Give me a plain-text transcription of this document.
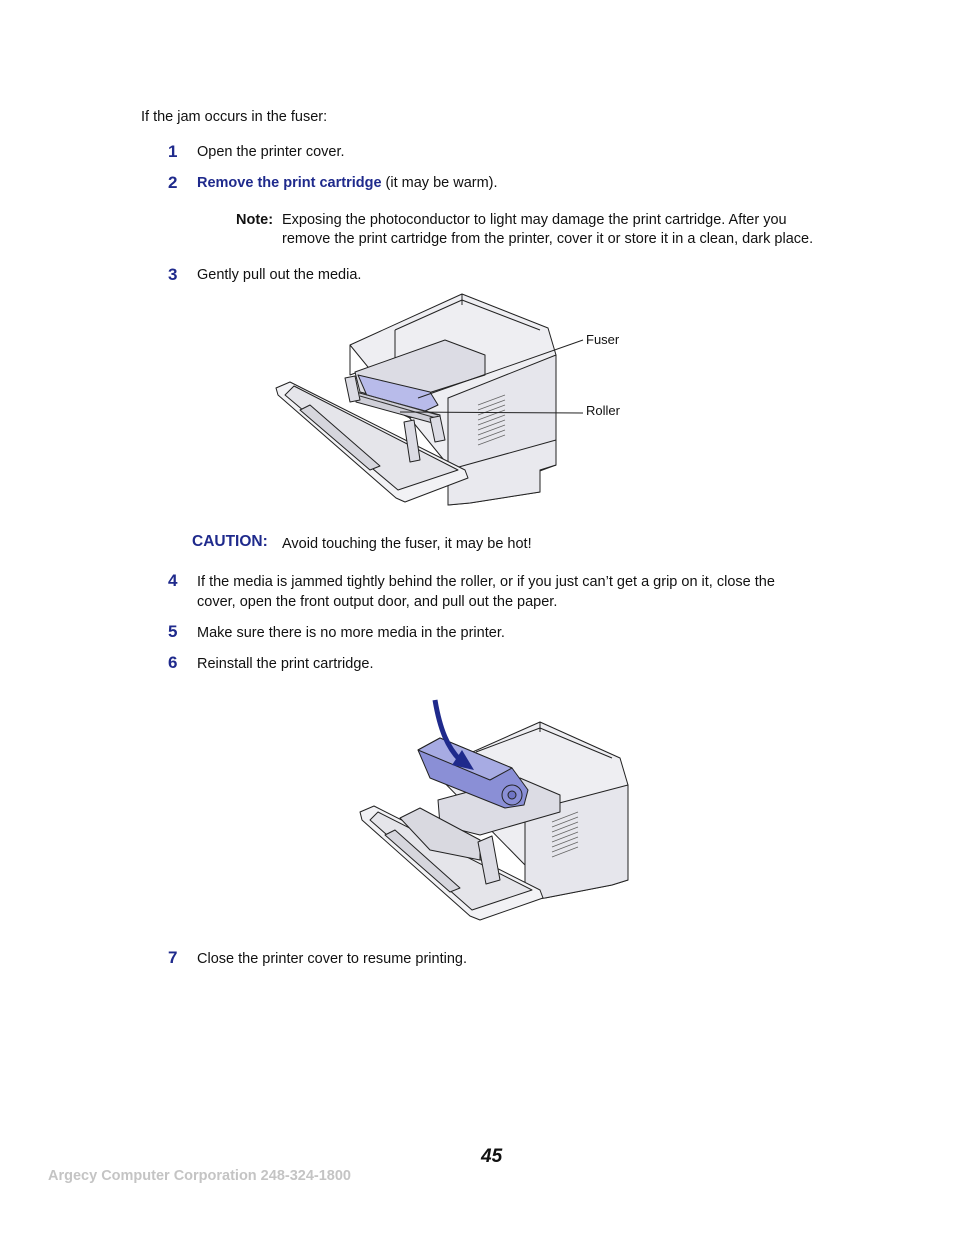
If the jam occurs in the fuser:
1	Open the printer cover.
2	Remove the print cartridge (it may be warm).
Note: Exposing the photoconductor to light may damage the print cartridge. After you
remove the print cartridge from the printer, cover it or store it in a clean, dark place.
3	Gently pull out the media.
Fuser
Roller
CAUTION: Avoid touching the fuser, it may be hot!
4	If the media is jammed tightly behind the roller, or if you just can’t get a grip on it, close the
cover, open the front output door, and pull out the paper.
5	Make sure there is no more media in the printer.
6	Reinstall the print cartridge.
7	Close the printer cover to resume printing.
45
Argecy Computer Corporation 248-324-1800
